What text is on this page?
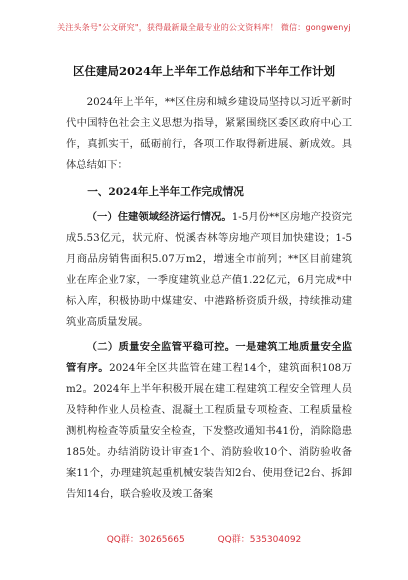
关注头条号"公文研究"，获得最新最全最专业的公文资料库！ 微信：gongwenyj
区住建局2024年上半年工作总结和下半年工作计划

2024年上半年，**区住房和城乡建设局坚持以习近平新时代中国特色社会主义思想为指导，紧紧围绕区委区政府中心工作，真抓实干，砥砺前行，各项工作取得新进展、新成效。具体总结如下：

一、2024年上半年工作完成情况

（一）住建领域经济运行情况。1-5月份**区房地产投资完成5.53亿元，状元府、悦溪杏林等房地产项目加快建设；1-5月商品房销售面积5.07万m2，增速全市前列；**区目前建筑业在库企业7家，一季度建筑业总产值1.22亿元，6月完成*中标入库，积极协助中煤建安、中港路桥资质升级，持续推动建筑业高质量发展。

（二）质量安全监管平稳可控。一是建筑工地质量安全监管有序。2024年全区共监管在建工程14个，建筑面积108万m2。2024年上半年积极开展在建工程建筑工程安全管理人员及特种作业人员检查、混凝土工程质量专项检查、工程质量检测机构检查等质量安全检查，下发整改通知书41份，消除隐患185处。办结消防设计审查1个、消防验收10个、消防验收备案11个，办理建筑起重机械安装告知2台、使用登记2台、拆卸告知14台，联合验收及竣工备案

QQ群：30265665	QQ群：535304092
